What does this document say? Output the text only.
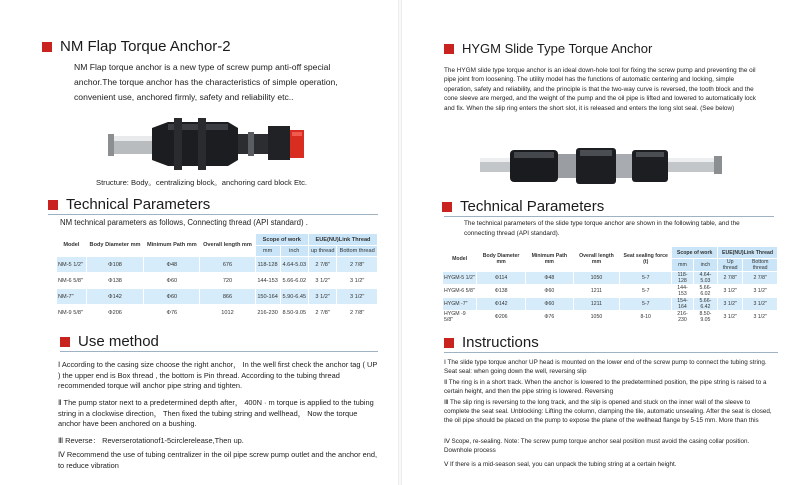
NM Flap Torque Anchor-2
NM Flap torque anchor is a new type of screw pump anti-off special anchor.The torque anchor has the characteristics of simple operation, convenient use, anchored firmly, safety and reliability etc..
Structure: Body。centralizing block。anchoring card block Etc.
Technical Parameters
NM technical parameters as follows, Connecting thread (API standard) .
Model	Body Diameter mm	Minimum Path mm	Overall length mm	Scope of work		EUE(NU)Link Thread	
				mm	inch	up thread	Bottom thread
NM-5 1/2"	Φ108	Φ48	676	118-128	4.64-5.03	2 7/8"	2 7/8"
NM-6 5/8"	Φ138	Φ60	720	144-153	5.66-6.02	3 1/2"	3 1/2"
NM-7"	Φ142	Φ60	866	150-164	5.90-6.45	3 1/2"	3 1/2"
NM-9 5/8"	Φ206	Φ76	1012	216-230	8.50-9.05	2 7/8"	2 7/8"
Use method
Ⅰ According to the casing size choose the right anchor， In the well first check the anchor tag ( UP ) the upper end is Box thread , the bottom is Pin thread. According to the tubing thread recommended torque will anchor pipe string and tighten.
Ⅱ The pump stator next to a predetermined depth after， 400N · m torque is applied to the tubing string in a clockwise direction， Then fixed the tubing string and wellhead， Now the torque anchor have been anchored on a bushing.
Ⅲ Reverse： Reverserotationof1-5circlerelease,Then up.
Ⅳ Recommend the use of tubing centralizer in the oil pipe screw pump outlet and the anchor end, to reduce vibration
HYGM Slide Type Torque Anchor
The HYGM slide type torque anchor is an ideal down-hole tool for fixing the screw pump and preventing the oil pipe joint from loosening. The utility model has the functions of automatic centering and locking, simple operation, safety and reliability, and the principle is that the two-way curve is reversed, the tooth block and the cone sleeve are merged, and the weight of the pump and the oil pipe is lifted and lowered to automatically lock and fix. When the slip ring enters the short slot, it is released and enters the long slot seal. (See below)
Technical Parameters
The technical parameters of the slide type torque anchor are shown in the following table, and the connecting thread (API standard).
Model	Body Diameter mm	Minimum Path mm	Overall length mm	Seat sealing force (t)	Scope of work		EUE(NU)Link Thread	
					mm	inch	Up thread	Bottom thread
HYGM-5 1/2"	Φ114	Φ48	1050	5-7	118-128	4.64-5.03	2 7/8"	2 7/8"
HYGM-6 5/8"	Φ138	Φ60	1211	5-7	144-153	5.66-6.02	3 1/2"	3 1/2"
HYGM -7"	Φ142	Φ60	1211	5-7	154-164	5.66-6.42	3 1/2"	3 1/2"
HYGM -9 5/8"	Φ206	Φ76	1050	8-10	216-230	8.50-9.05	3 1/2"	3 1/2"
Instructions
Ⅰ The slide type torque anchor UP head is mounted on the lower end of the screw pump to connect the tubing string. Seat seal: when going down the well, reversing slip
Ⅱ The ring is in a short track. When the anchor is lowered to the predetermined position, the pipe string is raised to a certain height, and then the pipe string is lowered. Reversing
Ⅲ The slip ring is reversing to the long track, and the slip is opened and stuck on the inner wall of the sleeve to complete the seat seal. Unblocking: Lifting the column, clamping the tile, automatic unsealing. After the seat is closed, the oil pipe should be placed on the pump to expose the plane of the wellhead flange by 5-15 mm. More than this
Ⅳ Scope, re-sealing. Note: The screw pump torque anchor seal position must avoid the casing collar position. Downhole process
Ⅴ If there is a mid-season seal, you can unpack the tubing string at a certain height.
